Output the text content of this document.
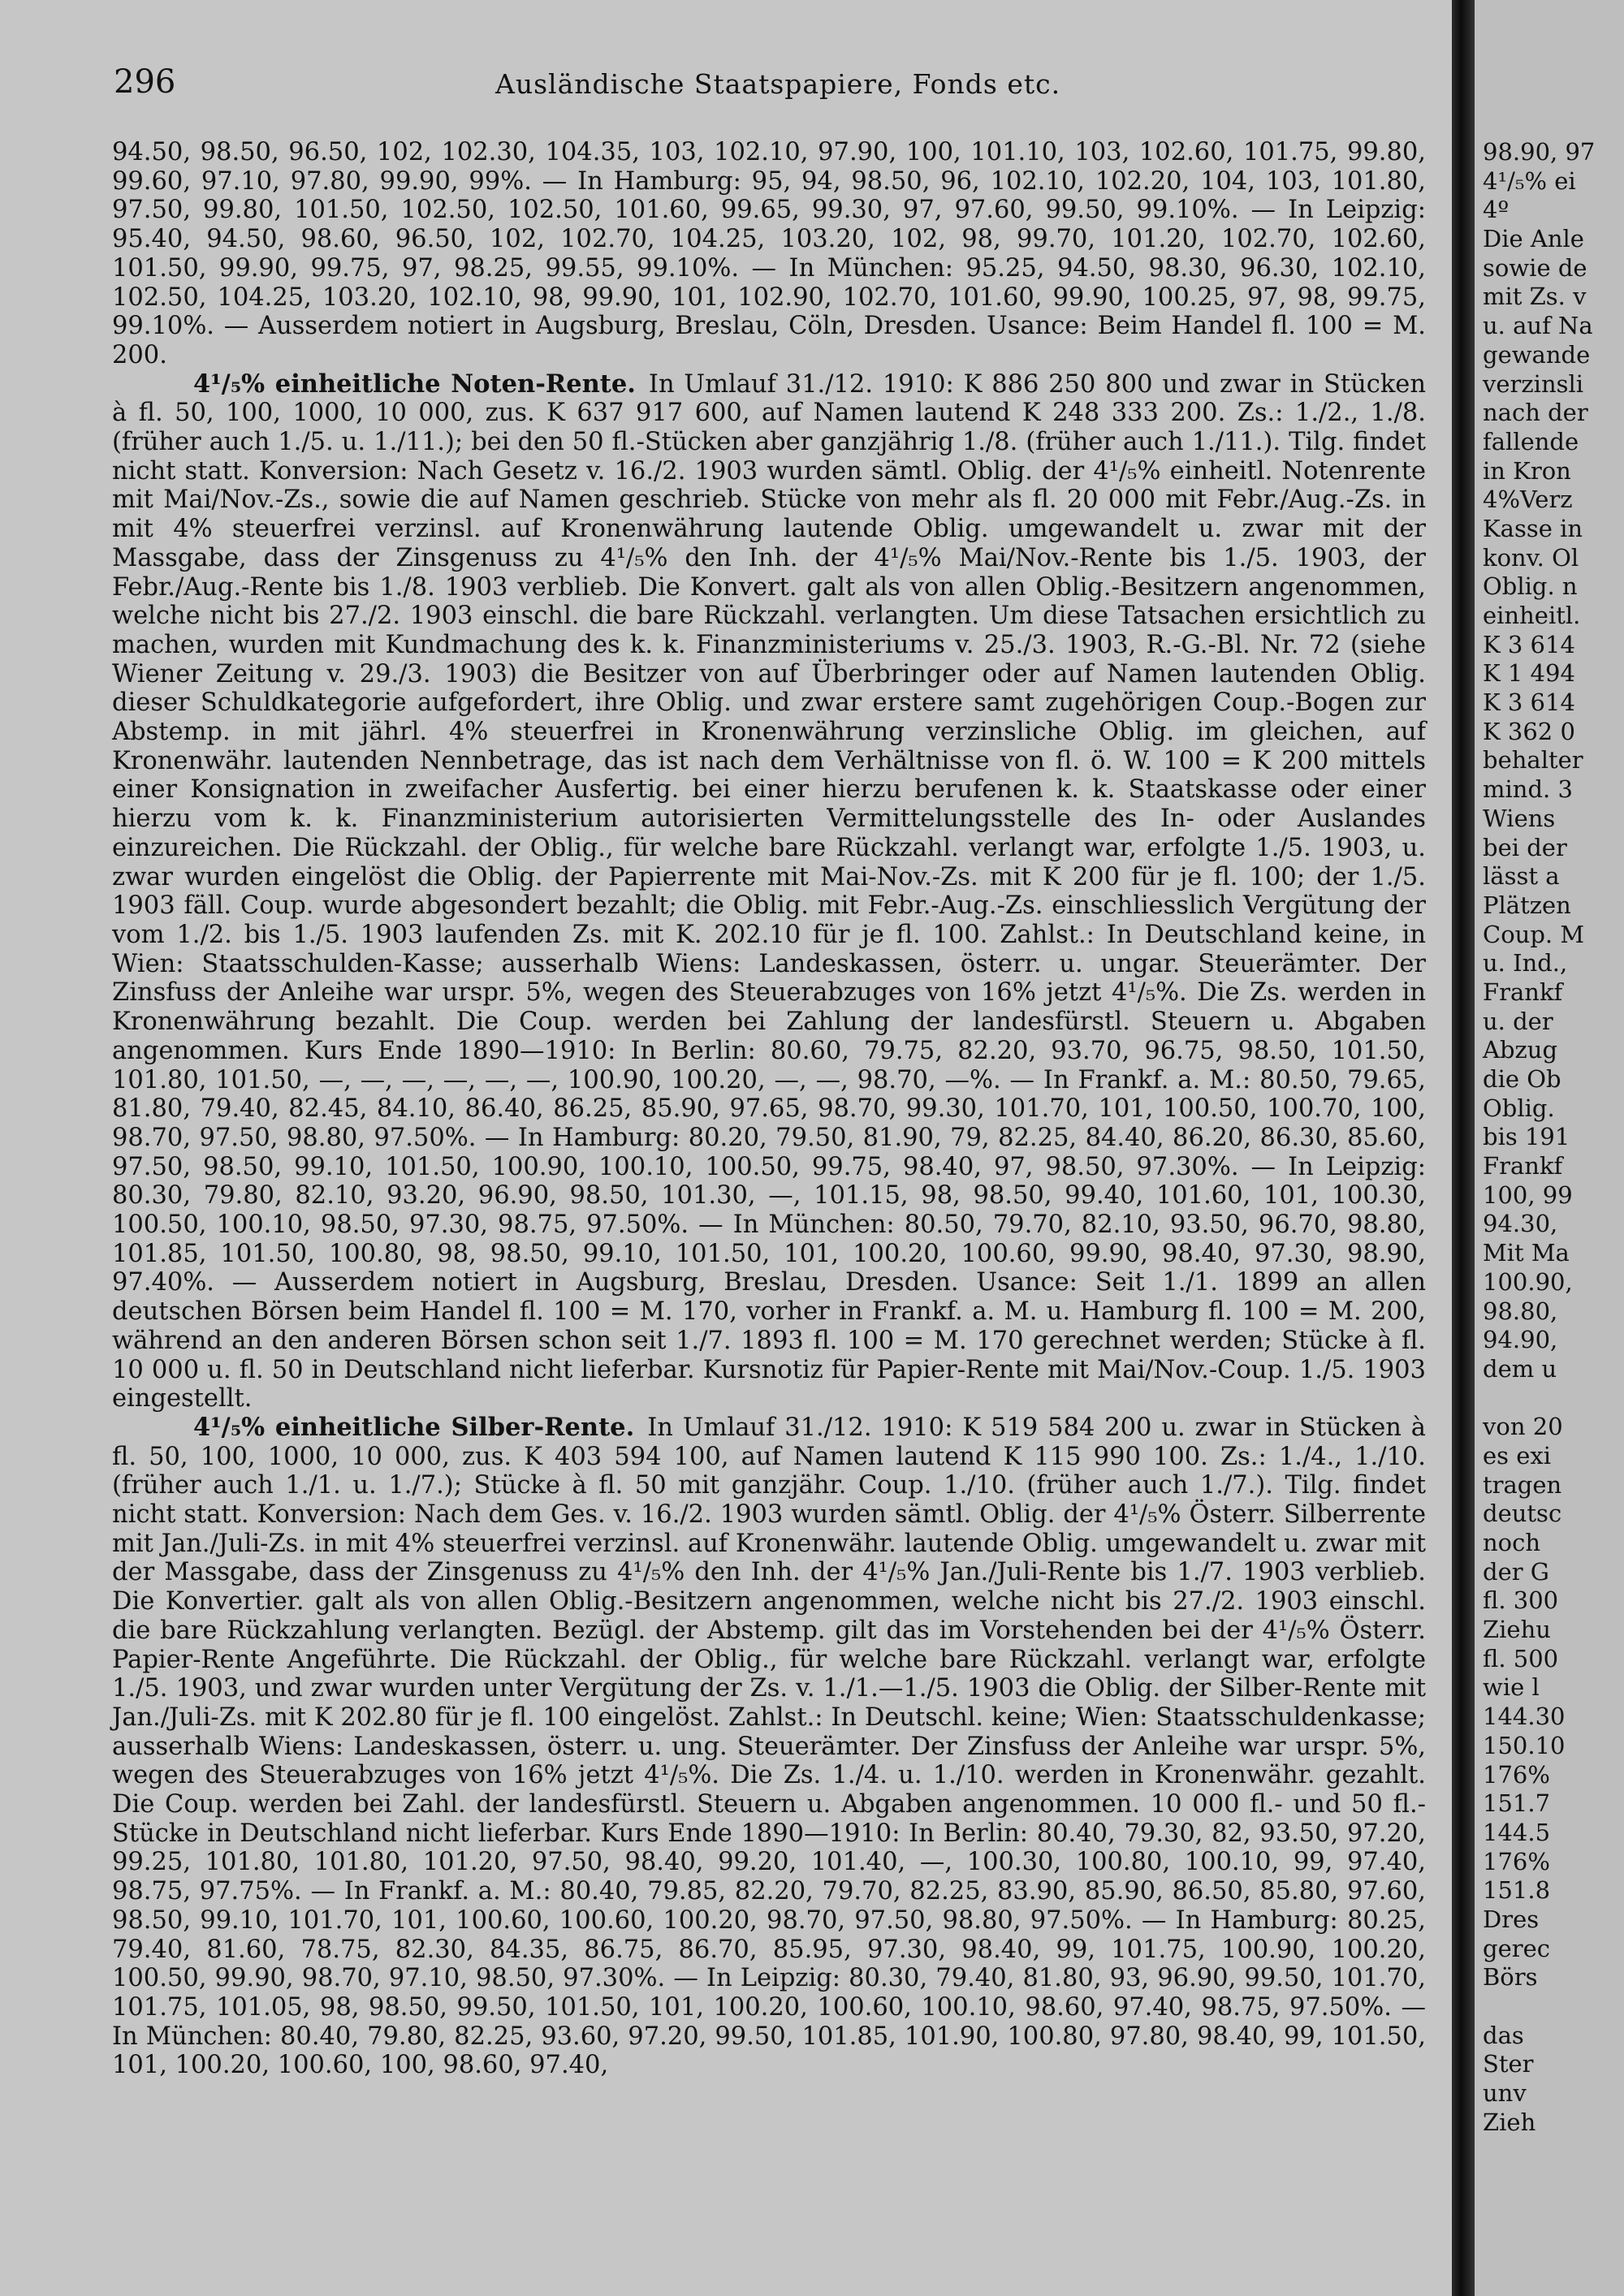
296	Ausländische Staatspapiere, Fonds etc.

94.50, 98.50, 96.50, 102, 102.30, 104.35, 103, 102.10, 97.90, 100, 101.10, 103, 102.60, 101.75, 99.80, 99.60, 97.10, 97.80, 99.90, 99%. — In Hamburg: 95, 94, 98.50, 96, 102.10, 102.20, 104, 103, 101.80, 97.50, 99.80, 101.50, 102.50, 102.50, 101.60, 99.65, 99.30, 97, 97.60, 99.50, 99.10%. — In Leipzig: 95.40, 94.50, 98.60, 96.50, 102, 102.70, 104.25, 103.20, 102, 98, 99.70, 101.20, 102.70, 102.60, 101.50, 99.90, 99.75, 97, 98.25, 99.55, 99.10%. — In München: 95.25, 94.50, 98.30, 96.30, 102.10, 102.50, 104.25, 103.20, 102.10, 98, 99.90, 101, 102.90, 102.70, 101.60, 99.90, 100.25, 97, 98, 99.75, 99.10%. — Ausserdem notiert in Augsburg, Breslau, Cöln, Dresden. Usance: Beim Handel fl. 100 = M. 200.

4¹/₅% einheitliche Noten-Rente. In Umlauf 31./12. 1910: K 886 250 800 und zwar in Stücken à fl. 50, 100, 1000, 10 000, zus. K 637 917 600, auf Namen lautend K 248 333 200. Zs.: 1./2., 1./8. (früher auch 1./5. u. 1./11.); bei den 50 fl.-Stücken aber ganzjährig 1./8. (früher auch 1./11.). Tilg. findet nicht statt. Konversion: Nach Gesetz v. 16./2. 1903 wurden sämtl. Oblig. der 4¹/₅% einheitl. Notenrente mit Mai/Nov.-Zs., sowie die auf Namen geschrieb. Stücke von mehr als fl. 20 000 mit Febr./Aug.-Zs. in mit 4% steuerfrei verzinsl. auf Kronenwährung lautende Oblig. umgewandelt u. zwar mit der Massgabe, dass der Zinsgenuss zu 4¹/₅% den Inh. der 4¹/₅% Mai/Nov.-Rente bis 1./5. 1903, der Febr./Aug.-Rente bis 1./8. 1903 verblieb. Die Konvert. galt als von allen Oblig.-Besitzern angenommen, welche nicht bis 27./2. 1903 einschl. die bare Rückzahl. verlangten. Um diese Tatsachen ersichtlich zu machen, wurden mit Kundmachung des k. k. Finanzministeriums v. 25./3. 1903, R.-G.-Bl. Nr. 72 (siehe Wiener Zeitung v. 29./3. 1903) die Besitzer von auf Überbringer oder auf Namen lautenden Oblig. dieser Schuldkategorie aufgefordert, ihre Oblig. und zwar erstere samt zugehörigen Coup.-Bogen zur Abstemp. in mit jährl. 4% steuerfrei in Kronenwährung verzinsliche Oblig. im gleichen, auf Kronenwähr. lautenden Nennbetrage, das ist nach dem Verhältnisse von fl. ö. W. 100 = K 200 mittels einer Konsignation in zweifacher Ausfertig. bei einer hierzu berufenen k. k. Staatskasse oder einer hierzu vom k. k. Finanzministerium autorisierten Vermittelungsstelle des In- oder Auslandes einzureichen. Die Rückzahl. der Oblig., für welche bare Rückzahl. verlangt war, erfolgte 1./5. 1903, u. zwar wurden eingelöst die Oblig. der Papierrente mit Mai-Nov.-Zs. mit K 200 für je fl. 100; der 1./5. 1903 fäll. Coup. wurde abgesondert bezahlt; die Oblig. mit Febr.-Aug.-Zs. einschliesslich Vergütung der vom 1./2. bis 1./5. 1903 laufenden Zs. mit K. 202.10 für je fl. 100. Zahlst.: In Deutschland keine, in Wien: Staatsschulden-Kasse; ausserhalb Wiens: Landeskassen, österr. u. ungar. Steuerämter. Der Zinsfuss der Anleihe war urspr. 5%, wegen des Steuerabzuges von 16% jetzt 4¹/₅%. Die Zs. werden in Kronenwährung bezahlt. Die Coup. werden bei Zahlung der landesfürstl. Steuern u. Abgaben angenommen. Kurs Ende 1890—1910: In Berlin: 80.60, 79.75, 82.20, 93.70, 96.75, 98.50, 101.50, 101.80, 101.50, —, —, —, —, —, —, 100.90, 100.20, —, —, 98.70, —%. — In Frankf. a. M.: 80.50, 79.65, 81.80, 79.40, 82.45, 84.10, 86.40, 86.25, 85.90, 97.65, 98.70, 99.30, 101.70, 101, 100.50, 100.70, 100, 98.70, 97.50, 98.80, 97.50%. — In Hamburg: 80.20, 79.50, 81.90, 79, 82.25, 84.40, 86.20, 86.30, 85.60, 97.50, 98.50, 99.10, 101.50, 100.90, 100.10, 100.50, 99.75, 98.40, 97, 98.50, 97.30%. — In Leipzig: 80.30, 79.80, 82.10, 93.20, 96.90, 98.50, 101.30, —, 101.15, 98, 98.50, 99.40, 101.60, 101, 100.30, 100.50, 100.10, 98.50, 97.30, 98.75, 97.50%. — In München: 80.50, 79.70, 82.10, 93.50, 96.70, 98.80, 101.85, 101.50, 100.80, 98, 98.50, 99.10, 101.50, 101, 100.20, 100.60, 99.90, 98.40, 97.30, 98.90, 97.40%. — Ausserdem notiert in Augsburg, Breslau, Dresden. Usance: Seit 1./1. 1899 an allen deutschen Börsen beim Handel fl. 100 = M. 170, vorher in Frankf. a. M. u. Hamburg fl. 100 = M. 200, während an den anderen Börsen schon seit 1./7. 1893 fl. 100 = M. 170 gerechnet werden; Stücke à fl. 10 000 u. fl. 50 in Deutschland nicht lieferbar. Kursnotiz für Papier-Rente mit Mai/Nov.-Coup. 1./5. 1903 eingestellt.

4¹/₅% einheitliche Silber-Rente. In Umlauf 31./12. 1910: K 519 584 200 u. zwar in Stücken à fl. 50, 100, 1000, 10 000, zus. K 403 594 100, auf Namen lautend K 115 990 100. Zs.: 1./4., 1./10. (früher auch 1./1. u. 1./7.); Stücke à fl. 50 mit ganzjähr. Coup. 1./10. (früher auch 1./7.). Tilg. findet nicht statt. Konversion: Nach dem Ges. v. 16./2. 1903 wurden sämtl. Oblig. der 4¹/₅% Österr. Silberrente mit Jan./Juli-Zs. in mit 4% steuerfrei verzinsl. auf Kronenwähr. lautende Oblig. umgewandelt u. zwar mit der Massgabe, dass der Zinsgenuss zu 4¹/₅% den Inh. der 4¹/₅% Jan./Juli-Rente bis 1./7. 1903 verblieb. Die Konvertier. galt als von allen Oblig.-Besitzern angenommen, welche nicht bis 27./2. 1903 einschl. die bare Rückzahlung verlangten. Bezügl. der Abstemp. gilt das im Vorstehenden bei der 4¹/₅% Österr. Papier-Rente Angeführte. Die Rückzahl. der Oblig., für welche bare Rückzahl. verlangt war, erfolgte 1./5. 1903, und zwar wurden unter Vergütung der Zs. v. 1./1.—1./5. 1903 die Oblig. der Silber-Rente mit Jan./Juli-Zs. mit K 202.80 für je fl. 100 eingelöst. Zahlst.: In Deutschl. keine; Wien: Staatsschuldenkasse; ausserhalb Wiens: Landeskassen, österr. u. ung. Steuerämter. Der Zinsfuss der Anleihe war urspr. 5%, wegen des Steuerabzuges von 16% jetzt 4¹/₅%. Die Zs. 1./4. u. 1./10. werden in Kronenwähr. gezahlt. Die Coup. werden bei Zahl. der landesfürstl. Steuern u. Abgaben angenommen. 10 000 fl.- und 50 fl.-Stücke in Deutschland nicht lieferbar. Kurs Ende 1890—1910: In Berlin: 80.40, 79.30, 82, 93.50, 97.20, 99.25, 101.80, 101.80, 101.20, 97.50, 98.40, 99.20, 101.40, —, 100.30, 100.80, 100.10, 99, 97.40, 98.75, 97.75%. — In Frankf. a. M.: 80.40, 79.85, 82.20, 79.70, 82.25, 83.90, 85.90, 86.50, 85.80, 97.60, 98.50, 99.10, 101.70, 101, 100.60, 100.60, 100.20, 98.70, 97.50, 98.80, 97.50%. — In Hamburg: 80.25, 79.40, 81.60, 78.75, 82.30, 84.35, 86.75, 86.70, 85.95, 97.30, 98.40, 99, 101.75, 100.90, 100.20, 100.50, 99.90, 98.70, 97.10, 98.50, 97.30%. — In Leipzig: 80.30, 79.40, 81.80, 93, 96.90, 99.50, 101.70, 101.75, 101.05, 98, 98.50, 99.50, 101.50, 101, 100.20, 100.60, 100.10, 98.60, 97.40, 98.75, 97.50%. — In München: 80.40, 79.80, 82.25, 93.60, 97.20, 99.50, 101.85, 101.90, 100.80, 97.80, 98.40, 99, 101.50, 101, 100.20, 100.60, 100, 98.60, 97.40,

98.90, 97
4¹/₅% ei
4º
Die Anle
sowie de
mit Zs. v
u. auf Na
gewande
verzinsli
nach der
fallende
in Kron
4%Verz
Kasse in
konv. Ol
Oblig. n
einheitl.
K 3 614
K 1 494
K 3 614
K 362 0
behalter
mind. 3
Wiens
bei der
lässt a
Plätzen
Coup. M
u. Ind.,
Frankf
u. der
Abzug
die Ob
Oblig.
bis 191
Frankf
100, 99
94.30,
Mit Ma
100.90,
98.80,
94.90,
dem u
von 20
es exi
tragen
deutsc
noch
der G
fl. 300
Ziehu
fl. 500
wie l
144.30
150.10
176%
151.7
144.5
176%
151.8
Dres
gerec
Börs
das
Ster
unv
Zieh
